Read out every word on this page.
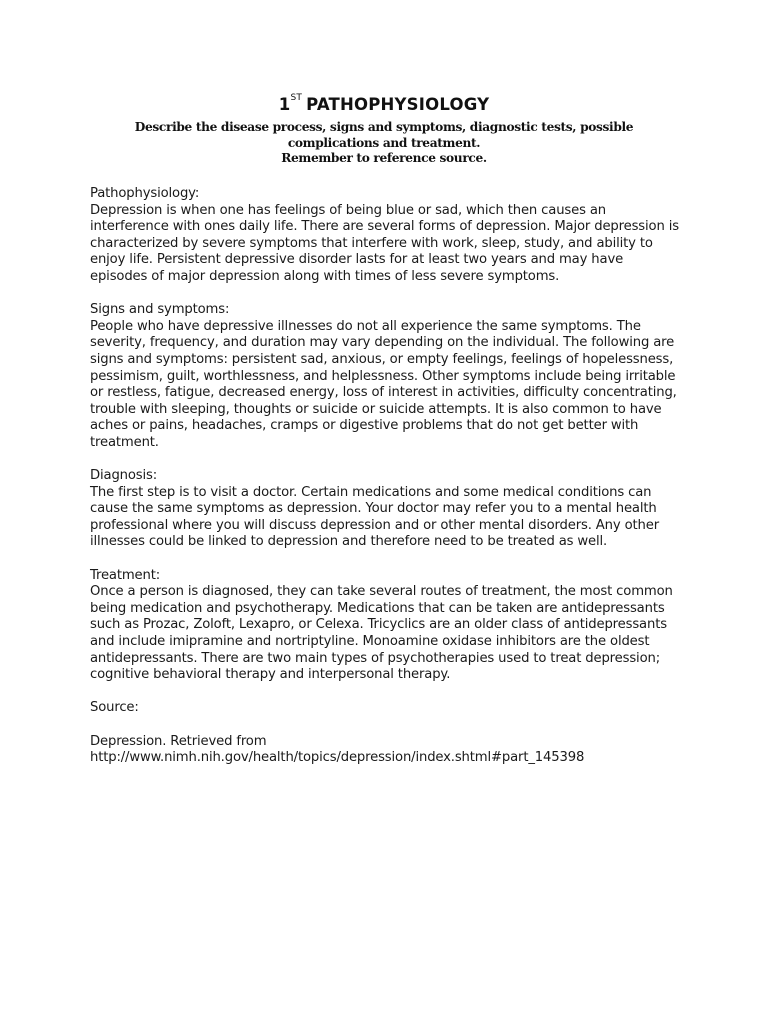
1ST PATHOPHYSIOLOGY

Describe the disease process, signs and symptoms, diagnostic tests, possible complications and treatment.

Remember to reference source.

Pathophysiology:

Depression is when one has feelings of being blue or sad, which then causes an interference with ones daily life. There are several forms of depression. Major depression is characterized by severe symptoms that interfere with work, sleep, study, and ability to enjoy life. Persistent depressive disorder lasts for at least two years and may have episodes of major depression along with times of less severe symptoms.

Signs and symptoms:

People who have depressive illnesses do not all experience the same symptoms. The severity, frequency, and duration may vary depending on the individual. The following are signs and symptoms: persistent sad, anxious, or empty feelings, feelings of hopelessness, pessimism, guilt, worthlessness, and helplessness. Other symptoms include being irritable or restless, fatigue, decreased energy, loss of interest in activities, difficulty concentrating, trouble with sleeping, thoughts or suicide or suicide attempts. It is also common to have aches or pains, headaches, cramps or digestive problems that do not get better with treatment.

Diagnosis:

The first step is to visit a doctor. Certain medications and some medical conditions can cause the same symptoms as depression. Your doctor may refer you to a mental health professional where you will discuss depression and or other mental disorders. Any other illnesses could be linked to depression and therefore need to be treated as well.

Treatment:

Once a person is diagnosed, they can take several routes of treatment, the most common being medication and psychotherapy. Medications that can be taken are antidepressants such as Prozac, Zoloft, Lexapro, or Celexa. Tricyclics are an older class of antidepressants and include imipramine and nortriptyline. Monoamine oxidase inhibitors are the oldest antidepressants. There are two main types of psychotherapies used to treat depression; cognitive behavioral therapy and interpersonal therapy.

Source:

Depression. Retrieved from

http://www.nimh.nih.gov/health/topics/depression/index.shtml#part_145398
